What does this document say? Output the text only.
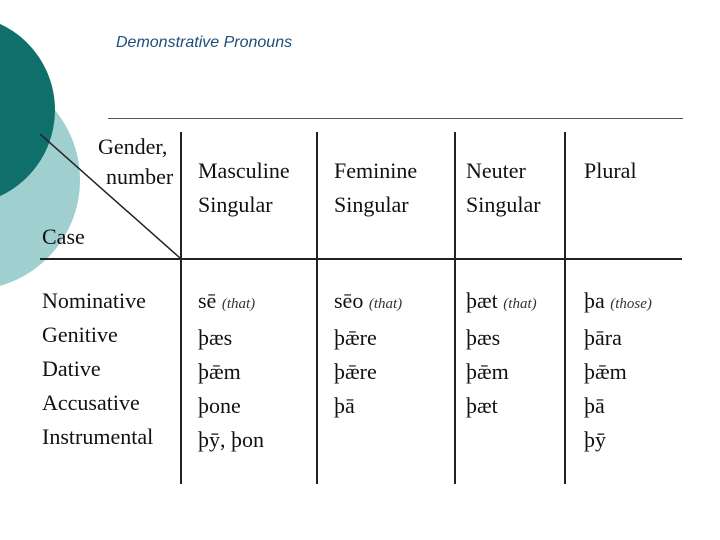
Demonstrative Pronouns
Gender,
number
Case
Masculine
Singular
Feminine
Singular
Neuter
Singular
Plural
Nominative
Genitive
Dative
Accusative
Instrumental
sē (that)
þæs
þǣm
þone
þȳ, þon
sēo (that)
þǣre
þǣre
þā
þæt (that)
þæs
þǣm
þæt
þa (those)
þāra
þǣm
þā
þȳ
